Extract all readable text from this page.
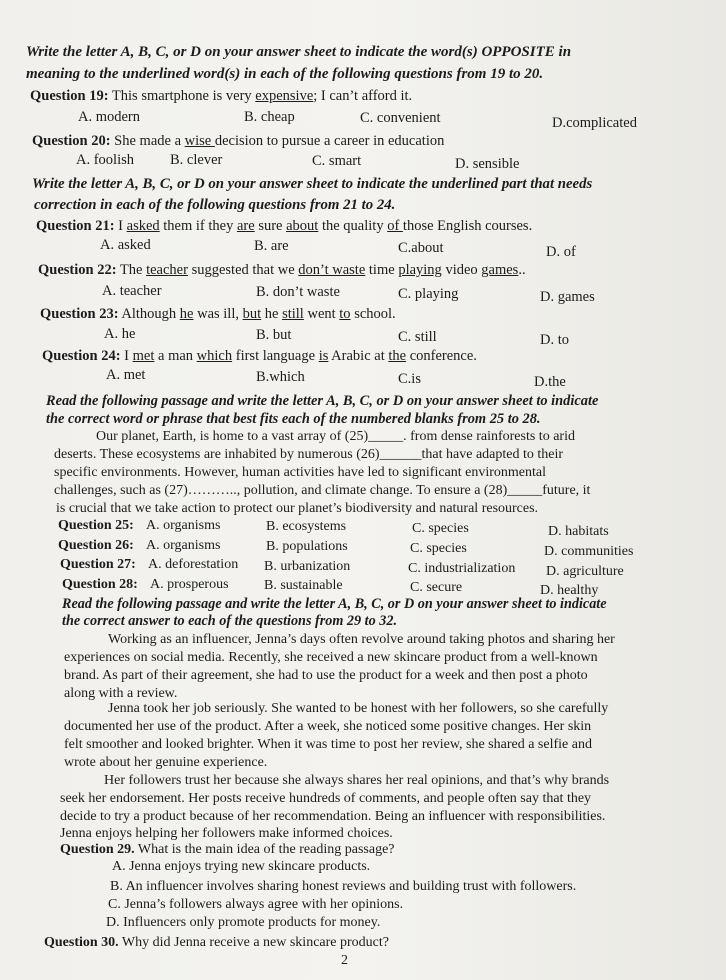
Write the letter A, B, C, or D on your answer sheet to indicate the word(s) OPPOSITE in
meaning to the underlined word(s) in each of the following questions from 19 to 20.
Question 19: This smartphone is very expensive; I can’t afford it.
A. modern	B. cheap	C. convenient	D.complicated
Question 20: She made a wise decision to pursue a career in education
A. foolish B. clever	C. smart	D. sensible
Write the letter A, B, C, or D on your answer sheet to indicate the underlined part that needs
correction in each of the following questions from 21 to 24.
Question 21: I asked them if they are sure about the quality of those English courses.
A. asked	B. are	C.about	D. of
Question 22: The teacher suggested that we don’t waste time playing video games..
A. teacher	B. don’t waste	C. playing	D. games
Question 23: Although he was ill, but he still went to school.
A. he	B. but	C. still	D. to
Question 24: I met a man which first language is Arabic at the conference.
A. met	B.which	C.is	D.the
Read the following passage and write the letter A, B, C, or D on your answer sheet to indicate
the correct word or phrase that best fits each of the numbered blanks from 25 to 28.
Our planet, Earth, is home to a vast array of (25)_____. from dense rainforests to arid
deserts. These ecosystems are inhabited by numerous (26)______that have adapted to their
specific environments. However, human activities have led to significant environmental
challenges, such as (27)……….., pollution, and climate change. To ensure a (28)_____future, it
is crucial that we take action to protect our planet’s biodiversity and natural resources.
Question 25: A. organisms	B. ecosystems	C. species	D. habitats
Question 26: A. organisms	B. populations	C. species	D. communities
Question 27: A. deforestation B. urbanization	C. industrialization D. agriculture
Question 28: A. prosperous	B. sustainable	C. secure	D. healthy
Read the following passage and write the letter A, B, C, or D on your answer sheet to indicate
the correct answer to each of the questions from 29 to 32.
Working as an influencer, Jenna’s days often revolve around taking photos and sharing her
experiences on social media. Recently, she received a new skincare product from a well-known
brand. As part of their agreement, she had to use the product for a week and then post a photo
along with a review.
Jenna took her job seriously. She wanted to be honest with her followers, so she carefully
documented her use of the product. After a week, she noticed some positive changes. Her skin
felt smoother and looked brighter. When it was time to post her review, she shared a selfie and
wrote about her genuine experience.
Her followers trust her because she always shares her real opinions, and that’s why brands
seek her endorsement. Her posts receive hundreds of comments, and people often say that they
decide to try a product because of her recommendation. Being an influencer with responsibilities.
Jenna enjoys helping her followers make informed choices.
Question 29. What is the main idea of the reading passage?
A. Jenna enjoys trying new skincare products.
B. An influencer involves sharing honest reviews and building trust with followers.
C. Jenna’s followers always agree with her opinions.
D. Influencers only promote products for money.
Question 30. Why did Jenna receive a new skincare product?
2
